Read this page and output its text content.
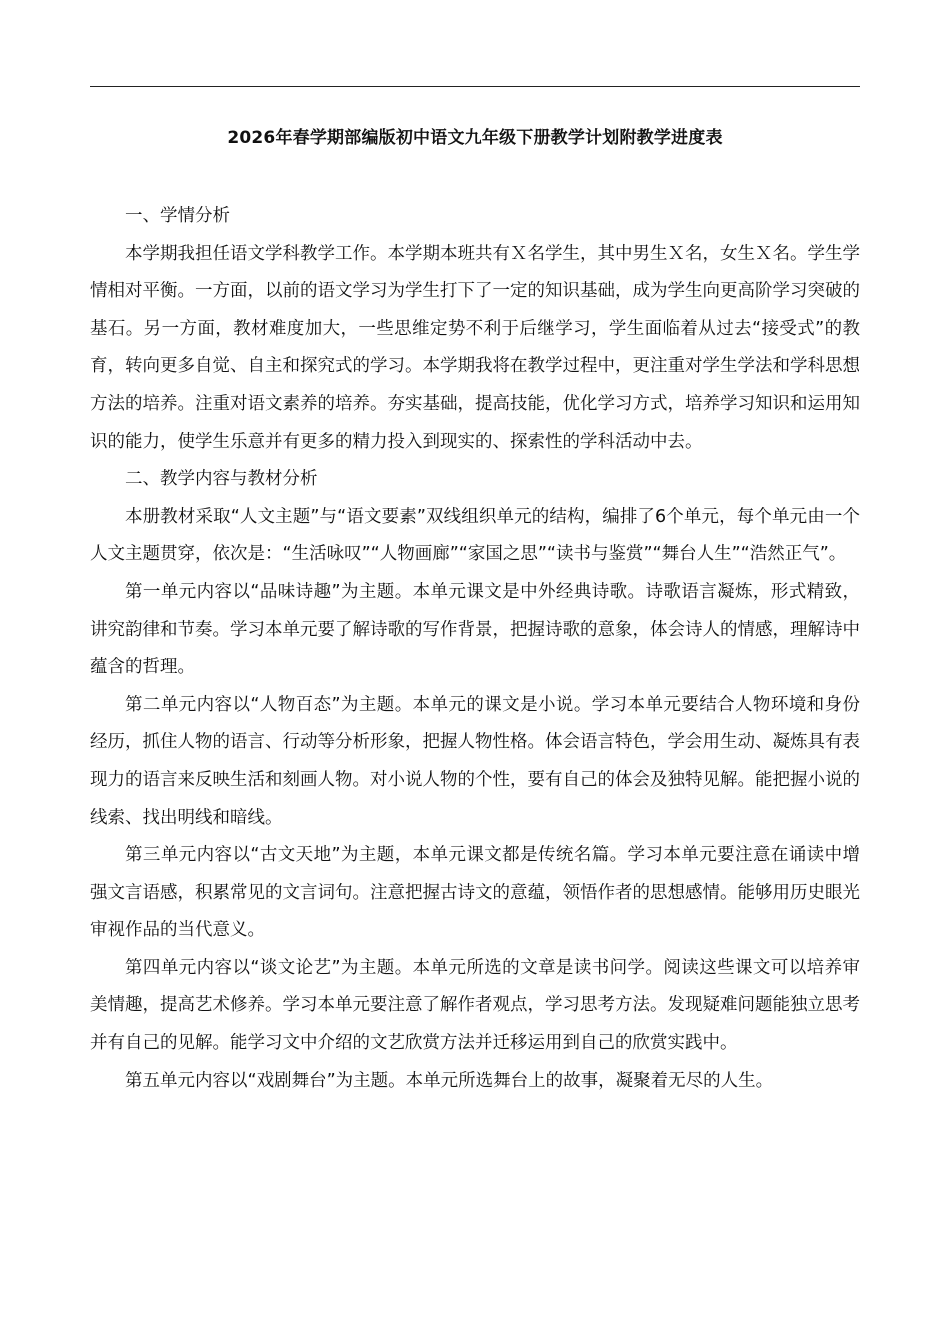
2026年春学期部编版初中语文九年级下册教学计划附教学进度表

一、学情分析

本学期我担任语文学科教学工作。本学期本班共有Ｘ名学生，其中男生Ｘ名，女生Ｘ名。学生学情相对平衡。一方面，以前的语文学习为学生打下了一定的知识基础，成为学生向更高阶学习突破的基石。另一方面，教材难度加大，一些思维定势不利于后继学习，学生面临着从过去“接受式”的教育，转向更多自觉、自主和探究式的学习。本学期我将在教学过程中，更注重对学生学法和学科思想方法的培养。注重对语文素养的培养。夯实基础，提高技能，优化学习方式，培养学习知识和运用知识的能力，使学生乐意并有更多的精力投入到现实的、探索性的学科活动中去。

二、教学内容与教材分析

本册教材采取“人文主题”与“语文要素”双线组织单元的结构，编排了6个单元，每个单元由一个人文主题贯穿，依次是：“生活咏叹”“人物画廊”“家国之思”“读书与鉴赏”“舞台人生”“浩然正气”。

第一单元内容以“品味诗趣”为主题。本单元课文是中外经典诗歌。诗歌语言凝炼，形式精致，讲究韵律和节奏。学习本单元要了解诗歌的写作背景，把握诗歌的意象，体会诗人的情感，理解诗中蕴含的哲理。

第二单元内容以“人物百态”为主题。本单元的课文是小说。学习本单元要结合人物环境和身份经历，抓住人物的语言、行动等分析形象，把握人物性格。体会语言特色，学会用生动、凝炼具有表现力的语言来反映生活和刻画人物。对小说人物的个性，要有自己的体会及独特见解。能把握小说的线索、找出明线和暗线。

第三单元内容以“古文天地”为主题，本单元课文都是传统名篇。学习本单元要注意在诵读中增强文言语感，积累常见的文言词句。注意把握古诗文的意蕴，领悟作者的思想感情。能够用历史眼光审视作品的当代意义。

第四单元内容以“谈文论艺”为主题。本单元所选的文章是读书问学。阅读这些课文可以培养审美情趣，提高艺术修养。学习本单元要注意了解作者观点，学习思考方法。发现疑难问题能独立思考并有自己的见解。能学习文中介绍的文艺欣赏方法并迁移运用到自己的欣赏实践中。

第五单元内容以“戏剧舞台”为主题。本单元所选舞台上的故事，凝聚着无尽的人生。
